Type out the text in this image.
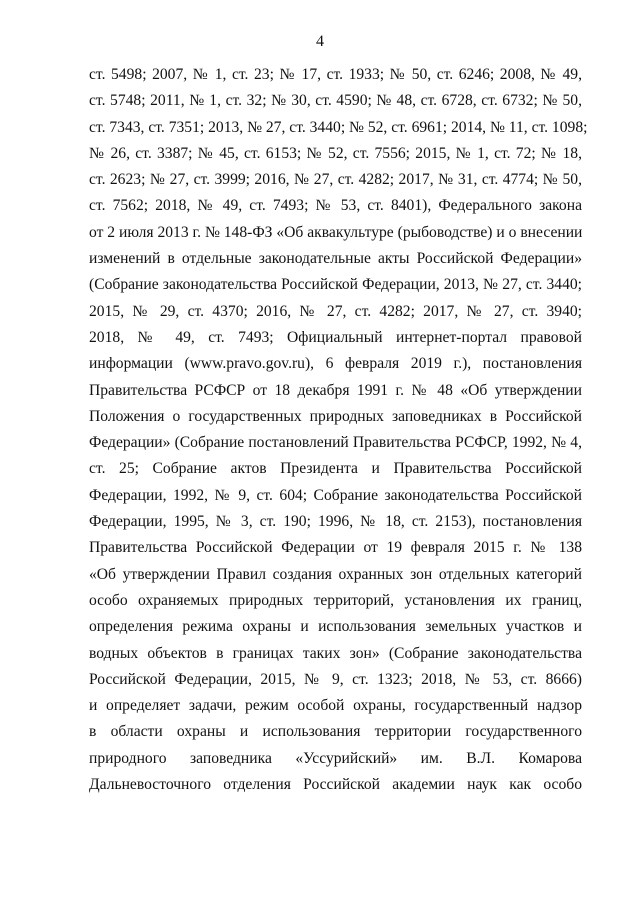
4
ст. 5498; 2007, № 1, ст. 23; № 17, ст. 1933; № 50, ст. 6246; 2008, № 49,
ст. 5748; 2011, № 1, ст. 32; № 30, ст. 4590; № 48, ст. 6728, ст. 6732; № 50,
ст. 7343, ст. 7351; 2013, № 27, ст. 3440; № 52, ст. 6961; 2014, № 11, ст. 1098;
№ 26, ст. 3387; № 45, ст. 6153; № 52, ст. 7556; 2015, № 1, ст. 72; № 18,
ст. 2623; № 27, ст. 3999; 2016, № 27, ст. 4282; 2017, № 31, ст. 4774; № 50,
ст. 7562; 2018, № 49, ст. 7493; № 53, ст. 8401), Федерального закона
от 2 июля 2013 г. № 148-ФЗ «Об аквакультуре (рыбоводстве) и о внесении
изменений в отдельные законодательные акты Российской Федерации»
(Собрание законодательства Российской Федерации, 2013, № 27, ст. 3440;
2015, № 29, ст. 4370; 2016, № 27, ст. 4282; 2017, № 27, ст. 3940;
2018, № 49, ст. 7493; Официальный интернет-портал правовой
информации (www.pravo.gov.ru), 6 февраля 2019 г.), постановления
Правительства РСФСР от 18 декабря 1991 г. № 48 «Об утверждении
Положения о государственных природных заповедниках в Российской
Федерации» (Собрание постановлений Правительства РСФСР, 1992, № 4,
ст. 25; Собрание актов Президента и Правительства Российской
Федерации, 1992, № 9, ст. 604; Собрание законодательства Российской
Федерации, 1995, № 3, ст. 190; 1996, № 18, ст. 2153), постановления
Правительства Российской Федерации от 19 февраля 2015 г. № 138
«Об утверждении Правил создания охранных зон отдельных категорий
особо охраняемых природных территорий, установления их границ,
определения режима охраны и использования земельных участков и
водных объектов в границах таких зон» (Собрание законодательства
Российской Федерации, 2015, № 9, ст. 1323; 2018, № 53, ст. 8666)
и определяет задачи, режим особой охраны, государственный надзор
в области охраны и использования территории государственного
природного заповедника «Уссурийский» им. В.Л. Комарова
Дальневосточного отделения Российской академии наук как особо
